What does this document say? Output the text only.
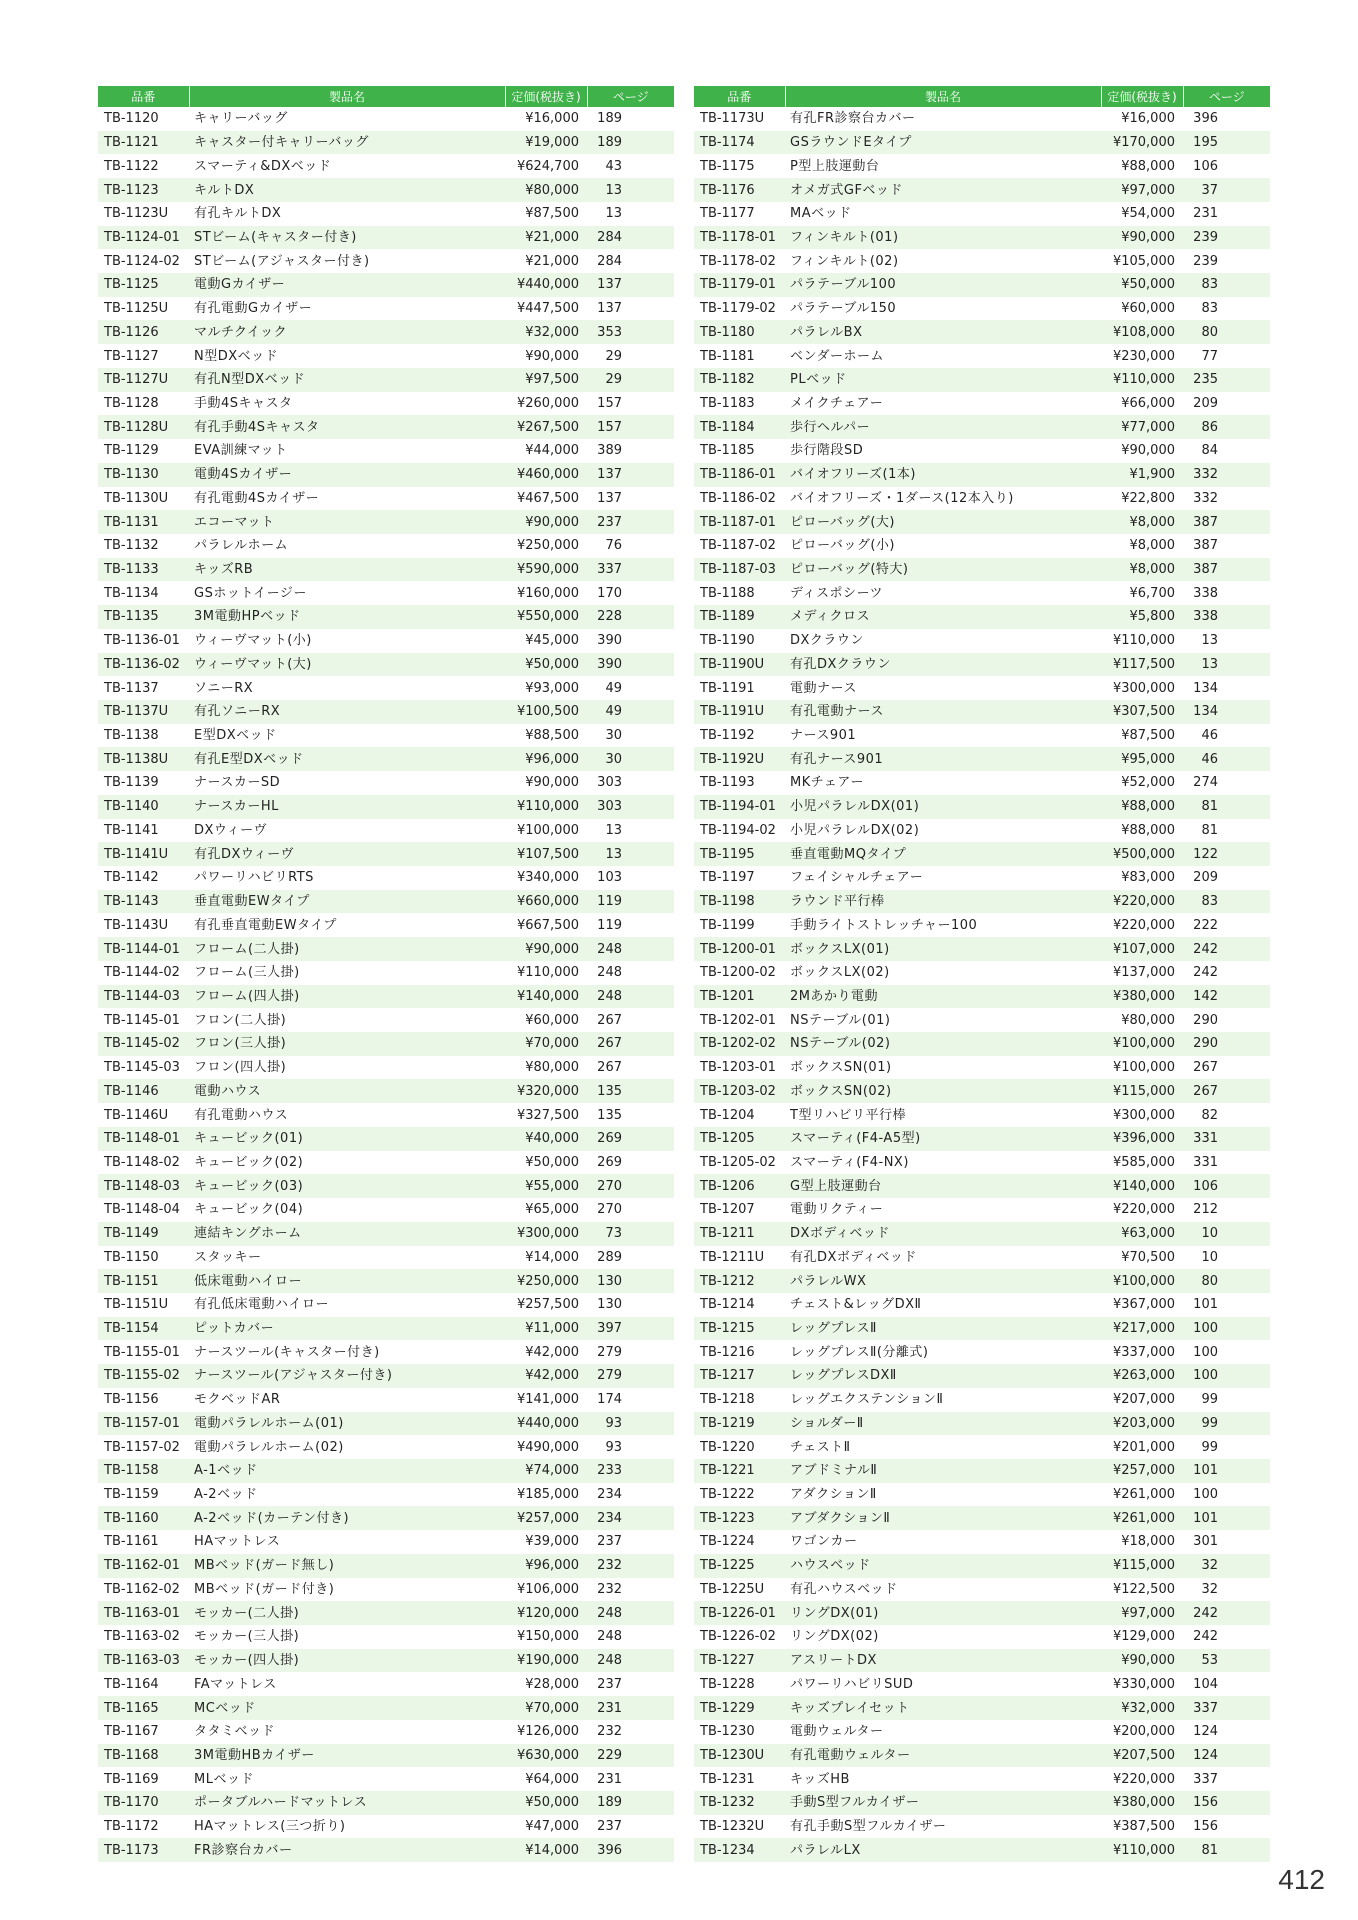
品番	製品名	定価(税抜き)	ページ
TB-1120	キャリーバッグ	¥16,000	189
TB-1121	キャスター付キャリーバッグ	¥19,000	189
TB-1122	スマーティ&DXベッド	¥624,700	43
TB-1123	キルトDX	¥80,000	13
TB-1123U	有孔キルトDX	¥87,500	13
TB-1124-01	STビーム(キャスター付き)	¥21,000	284
TB-1124-02	STビーム(アジャスター付き)	¥21,000	284
TB-1125	電動Gカイザー	¥440,000	137
TB-1125U	有孔電動Gカイザー	¥447,500	137
TB-1126	マルチクイック	¥32,000	353
TB-1127	N型DXベッド	¥90,000	29
TB-1127U	有孔N型DXベッド	¥97,500	29
TB-1128	手動4Sキャスタ	¥260,000	157
TB-1128U	有孔手動4Sキャスタ	¥267,500	157
TB-1129	EVA訓練マット	¥44,000	389
TB-1130	電動4Sカイザー	¥460,000	137
TB-1130U	有孔電動4Sカイザー	¥467,500	137
TB-1131	エコーマット	¥90,000	237
TB-1132	パラレルホーム	¥250,000	76
TB-1133	キッズRB	¥590,000	337
TB-1134	GSホットイージー	¥160,000	170
TB-1135	3M電動HPベッド	¥550,000	228
TB-1136-01	ウィーヴマット(小)	¥45,000	390
TB-1136-02	ウィーヴマット(大)	¥50,000	390
TB-1137	ソニーRX	¥93,000	49
TB-1137U	有孔ソニーRX	¥100,500	49
TB-1138	E型DXベッド	¥88,500	30
TB-1138U	有孔E型DXベッド	¥96,000	30
TB-1139	ナースカーSD	¥90,000	303
TB-1140	ナースカーHL	¥110,000	303
TB-1141	DXウィーヴ	¥100,000	13
TB-1141U	有孔DXウィーヴ	¥107,500	13
TB-1142	パワーリハビリRTS	¥340,000	103
TB-1143	垂直電動EWタイプ	¥660,000	119
TB-1143U	有孔垂直電動EWタイプ	¥667,500	119
TB-1144-01	フローム(二人掛)	¥90,000	248
TB-1144-02	フローム(三人掛)	¥110,000	248
TB-1144-03	フローム(四人掛)	¥140,000	248
TB-1145-01	フロン(二人掛)	¥60,000	267
TB-1145-02	フロン(三人掛)	¥70,000	267
TB-1145-03	フロン(四人掛)	¥80,000	267
TB-1146	電動ハウス	¥320,000	135
TB-1146U	有孔電動ハウス	¥327,500	135
TB-1148-01	キュービック(01)	¥40,000	269
TB-1148-02	キュービック(02)	¥50,000	269
TB-1148-03	キュービック(03)	¥55,000	270
TB-1148-04	キュービック(04)	¥65,000	270
TB-1149	連結キングホーム	¥300,000	73
TB-1150	スタッキー	¥14,000	289
TB-1151	低床電動ハイロー	¥250,000	130
TB-1151U	有孔低床電動ハイロー	¥257,500	130
TB-1154	ピットカバー	¥11,000	397
TB-1155-01	ナースツール(キャスター付き)	¥42,000	279
TB-1155-02	ナースツール(アジャスター付き)	¥42,000	279
TB-1156	モクベッドAR	¥141,000	174
TB-1157-01	電動パラレルホーム(01)	¥440,000	93
TB-1157-02	電動パラレルホーム(02)	¥490,000	93
TB-1158	A-1ベッド	¥74,000	233
TB-1159	A-2ベッド	¥185,000	234
TB-1160	A-2ベッド(カーテン付き)	¥257,000	234
TB-1161	HAマットレス	¥39,000	237
TB-1162-01	MBベッド(ガード無し)	¥96,000	232
TB-1162-02	MBベッド(ガード付き)	¥106,000	232
TB-1163-01	モッカー(二人掛)	¥120,000	248
TB-1163-02	モッカー(三人掛)	¥150,000	248
TB-1163-03	モッカー(四人掛)	¥190,000	248
TB-1164	FAマットレス	¥28,000	237
TB-1165	MCベッド	¥70,000	231
TB-1167	タタミベッド	¥126,000	232
TB-1168	3M電動HBカイザー	¥630,000	229
TB-1169	MLベッド	¥64,000	231
TB-1170	ポータブルハードマットレス	¥50,000	189
TB-1172	HAマットレス(三つ折り)	¥47,000	237
TB-1173	FR診察台カバー	¥14,000	396
品番	製品名	定価(税抜き)	ページ
TB-1173U	有孔FR診察台カバー	¥16,000	396
TB-1174	GSラウンドEタイプ	¥170,000	195
TB-1175	P型上肢運動台	¥88,000	106
TB-1176	オメガ式GFベッド	¥97,000	37
TB-1177	MAベッド	¥54,000	231
TB-1178-01	フィンキルト(01)	¥90,000	239
TB-1178-02	フィンキルト(02)	¥105,000	239
TB-1179-01	パラテーブル100	¥50,000	83
TB-1179-02	パラテーブル150	¥60,000	83
TB-1180	パラレルBX	¥108,000	80
TB-1181	ベンダーホーム	¥230,000	77
TB-1182	PLベッド	¥110,000	235
TB-1183	メイクチェアー	¥66,000	209
TB-1184	歩行ヘルパー	¥77,000	86
TB-1185	歩行階段SD	¥90,000	84
TB-1186-01	バイオフリーズ(1本)	¥1,900	332
TB-1186-02	バイオフリーズ・1ダース(12本入り)	¥22,800	332
TB-1187-01	ピローバッグ(大)	¥8,000	387
TB-1187-02	ピローバッグ(小)	¥8,000	387
TB-1187-03	ピローバッグ(特大)	¥8,000	387
TB-1188	ディスポシーツ	¥6,700	338
TB-1189	メディクロス	¥5,800	338
TB-1190	DXクラウン	¥110,000	13
TB-1190U	有孔DXクラウン	¥117,500	13
TB-1191	電動ナース	¥300,000	134
TB-1191U	有孔電動ナース	¥307,500	134
TB-1192	ナース901	¥87,500	46
TB-1192U	有孔ナース901	¥95,000	46
TB-1193	MKチェアー	¥52,000	274
TB-1194-01	小児パラレルDX(01)	¥88,000	81
TB-1194-02	小児パラレルDX(02)	¥88,000	81
TB-1195	垂直電動MQタイプ	¥500,000	122
TB-1197	フェイシャルチェアー	¥83,000	209
TB-1198	ラウンド平行棒	¥220,000	83
TB-1199	手動ライトストレッチャー100	¥220,000	222
TB-1200-01	ボックスLX(01)	¥107,000	242
TB-1200-02	ボックスLX(02)	¥137,000	242
TB-1201	2Mあかり電動	¥380,000	142
TB-1202-01	NSテーブル(01)	¥80,000	290
TB-1202-02	NSテーブル(02)	¥100,000	290
TB-1203-01	ボックスSN(01)	¥100,000	267
TB-1203-02	ボックスSN(02)	¥115,000	267
TB-1204	T型リハビリ平行棒	¥300,000	82
TB-1205	スマーティ(F4-A5型)	¥396,000	331
TB-1205-02	スマーティ(F4-NX)	¥585,000	331
TB-1206	G型上肢運動台	¥140,000	106
TB-1207	電動リクティー	¥220,000	212
TB-1211	DXボディベッド	¥63,000	10
TB-1211U	有孔DXボディベッド	¥70,500	10
TB-1212	パラレルWX	¥100,000	80
TB-1214	チェスト&レッグDXⅡ	¥367,000	101
TB-1215	レッグプレスⅡ	¥217,000	100
TB-1216	レッグプレスⅡ(分離式)	¥337,000	100
TB-1217	レッグプレスDXⅡ	¥263,000	100
TB-1218	レッグエクステンションⅡ	¥207,000	99
TB-1219	ショルダーⅡ	¥203,000	99
TB-1220	チェストⅡ	¥201,000	99
TB-1221	アブドミナルⅡ	¥257,000	101
TB-1222	アダクションⅡ	¥261,000	100
TB-1223	アブダクションⅡ	¥261,000	101
TB-1224	ワゴンカー	¥18,000	301
TB-1225	ハウスベッド	¥115,000	32
TB-1225U	有孔ハウスベッド	¥122,500	32
TB-1226-01	リングDX(01)	¥97,000	242
TB-1226-02	リングDX(02)	¥129,000	242
TB-1227	アスリートDX	¥90,000	53
TB-1228	パワーリハビリSUD	¥330,000	104
TB-1229	キッズプレイセット	¥32,000	337
TB-1230	電動ウェルター	¥200,000	124
TB-1230U	有孔電動ウェルター	¥207,500	124
TB-1231	キッズHB	¥220,000	337
TB-1232	手動S型フルカイザー	¥380,000	156
TB-1232U	有孔手動S型フルカイザー	¥387,500	156
TB-1234	パラレルLX	¥110,000	81
412
